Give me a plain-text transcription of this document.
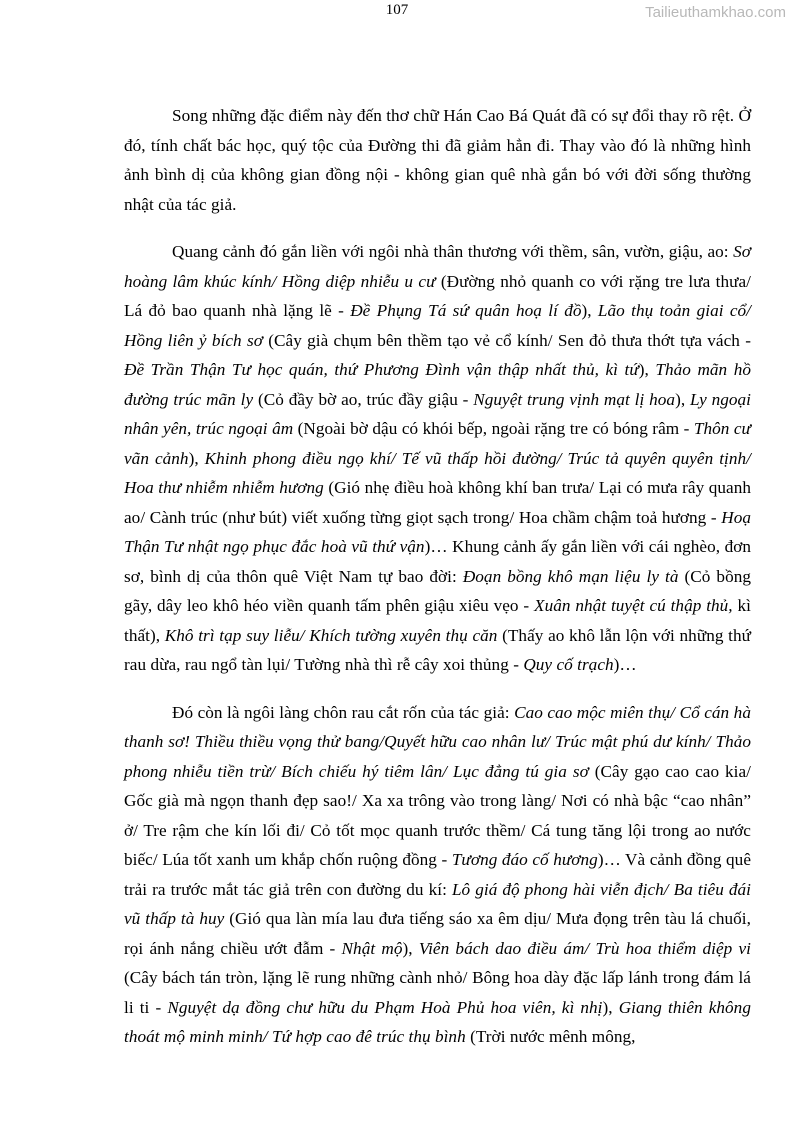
107	Tailieuthamkhao.com

Song những đặc điểm này đến thơ chữ Hán Cao Bá Quát đã có sự đổi thay rõ rệt. Ở đó, tính chất bác học, quý tộc của Đường thi đã giảm hẳn đi. Thay vào đó là những hình ảnh bình dị của không gian đồng nội - không gian quê nhà gắn bó với đời sống thường nhật của tác giả.

Quang cảnh đó gắn liền với ngôi nhà thân thương với thềm, sân, vườn, giậu, ao: Sơ hoàng lâm khúc kính/ Hồng diệp nhiễu u cư (Đường nhỏ quanh co với rặng tre lưa thưa/ Lá đỏ bao quanh nhà lặng lẽ - Đề Phụng Tá sứ quân hoạ lí đồ), Lão thụ toản giai cổ/ Hồng liên ỷ bích sơ (Cây già chụm bên thềm tạo vẻ cổ kính/ Sen đỏ thưa thớt tựa vách - Đề Trần Thận Tư học quán, thứ Phương Đình vận thập nhất thủ, kì tứ), Thảo mãn hồ đường trúc mãn ly (Cỏ đầy bờ ao, trúc đầy giậu - Nguyệt trung vịnh mạt lị hoa), Ly ngoại nhân yên, trúc ngoại âm (Ngoài bờ dậu có khói bếp, ngoài rặng tre có bóng râm - Thôn cư vãn cảnh), Khinh phong điều ngọ khí/ Tế vũ thấp hồi đường/ Trúc tả quyên quyên tịnh/ Hoa thư nhiễm nhiễm hương (Gió nhẹ điều hoà không khí ban trưa/ Lại có mưa rây quanh ao/ Cành trúc (như bút) viết xuống từng giọt sạch trong/ Hoa chầm chậm toả hương - Hoạ Thận Tư nhật ngọ phục đắc hoà vũ thứ vận)… Khung cảnh ấy gắn liền với cái nghèo, đơn sơ, bình dị của thôn quê Việt Nam tự bao đời: Đoạn bồng khô mạn liệu ly tà (Cỏ bồng gãy, dây leo khô héo viền quanh tấm phên giậu xiêu vẹo - Xuân nhật tuyệt cú thập thủ, kì thất), Khô trì tạp suy liễu/ Khích tường xuyên thụ căn (Thấy ao khô lẫn lộn với những thứ rau dừa, rau ngổ tàn lụi/ Tường nhà thì rễ cây xoi thủng - Quy cố trạch)…

Đó còn là ngôi làng chôn rau cắt rốn của tác giả: Cao cao mộc miên thụ/ Cổ cán hà thanh sơ! Thiều thiều vọng thử bang/Quyết hữu cao nhân lư/ Trúc mật phú dư kính/ Thảo phong nhiễu tiền trừ/ Bích chiếu hý tiêm lân/ Lục đẳng tú gia sơ (Cây gạo cao cao kia/ Gốc già mà ngọn thanh đẹp sao!/ Xa xa trông vào trong làng/ Nơi có nhà bậc “cao nhân” ở/ Tre rậm che kín lối đi/ Cỏ tốt mọc quanh trước thềm/ Cá tung tăng lội trong ao nước biếc/ Lúa tốt xanh um khắp chốn ruộng đồng - Tương đáo cố hương)… Và cảnh đồng quê trải ra trước mắt tác giả trên con đường du kí: Lô giá độ phong hài viễn địch/ Ba tiêu đái vũ thấp tà huy (Gió qua làn mía lau đưa tiếng sáo xa êm dịu/ Mưa đọng trên tàu lá chuối, rọi ánh nắng chiều ướt đẫm - Nhật mộ), Viên bách dao điều ám/ Trù hoa thiểm diệp vi (Cây bách tán tròn, lặng lẽ rung những cành nhỏ/ Bông hoa dày đặc lấp lánh trong đám lá li ti - Nguyệt dạ đồng chư hữu du Phạm Hoà Phủ hoa viên, kì nhị), Giang thiên không thoát mộ minh minh/ Tứ hợp cao đê trúc thụ bình (Trời nước mênh mông,
